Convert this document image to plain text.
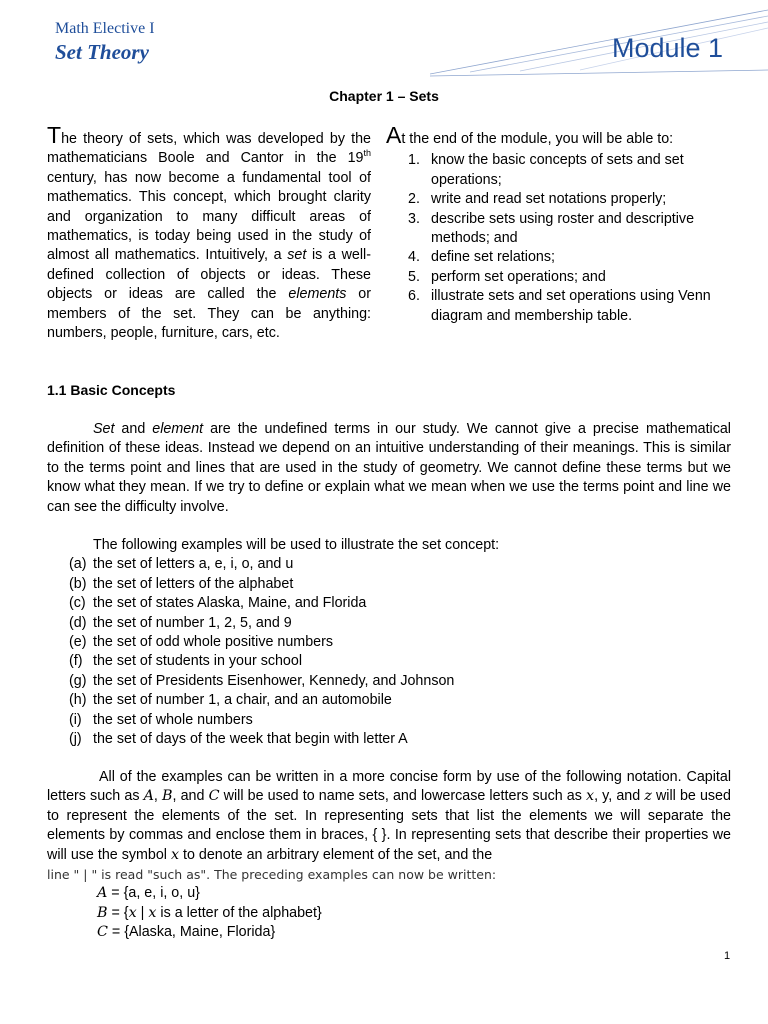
Math Elective I
Set Theory	Module 1
Chapter 1 – Sets
The theory of sets, which was developed by the mathematicians Boole and Cantor in the 19th century, has now become a fundamental tool of mathematics. This concept, which brought clarity and organization to many difficult areas of mathematics, is today being used in the study of almost all mathematics. Intuitively, a set is a well-defined collection of objects or ideas. These objects or ideas are called the elements or members of the set. They can be anything: numbers, people, furniture, cars, etc.
At the end of the module, you will be able to:
1. know the basic concepts of sets and set operations;
2. write and read set notations properly;
3. describe sets using roster and descriptive methods; and
4. define set relations;
5. perform set operations; and
6. illustrate sets and set operations using Venn diagram and membership table.
1.1 Basic Concepts
Set and element are the undefined terms in our study. We cannot give a precise mathematical definition of these ideas. Instead we depend on an intuitive understanding of their meanings. This is similar to the terms point and lines that are used in the study of geometry. We cannot define these terms but we know what they mean. If we try to define or explain what we mean when we use the terms point and line we can see the difficulty involve.
The following examples will be used to illustrate the set concept:
(a) the set of letters a, e, i, o, and u
(b) the set of letters of the alphabet
(c) the set of states Alaska, Maine, and Florida
(d) the set of number 1, 2, 5, and 9
(e) the set of odd whole positive numbers
(f) the set of students in your school
(g) the set of Presidents Eisenhower, Kennedy, and Johnson
(h) the set of number 1, a chair, and an automobile
(i) the set of whole numbers
(j) the set of days of the week that begin with letter A
All of the examples can be written in a more concise form by use of the following notation. Capital letters such as A, B, and C will be used to name sets, and lowercase letters such as x, y, and z will be used to represent the elements of the set. In representing sets that list the elements we will separate the elements by commas and enclose them in braces, { }. In representing sets that describe their properties we will use the symbol x to denote an arbitrary element of the set, and the
line " | " is read "such as". The preceding examples can now be written:
A = {a, e, i, o, u}
B = {x | x is a letter of the alphabet}
C = {Alaska, Maine, Florida}
1
